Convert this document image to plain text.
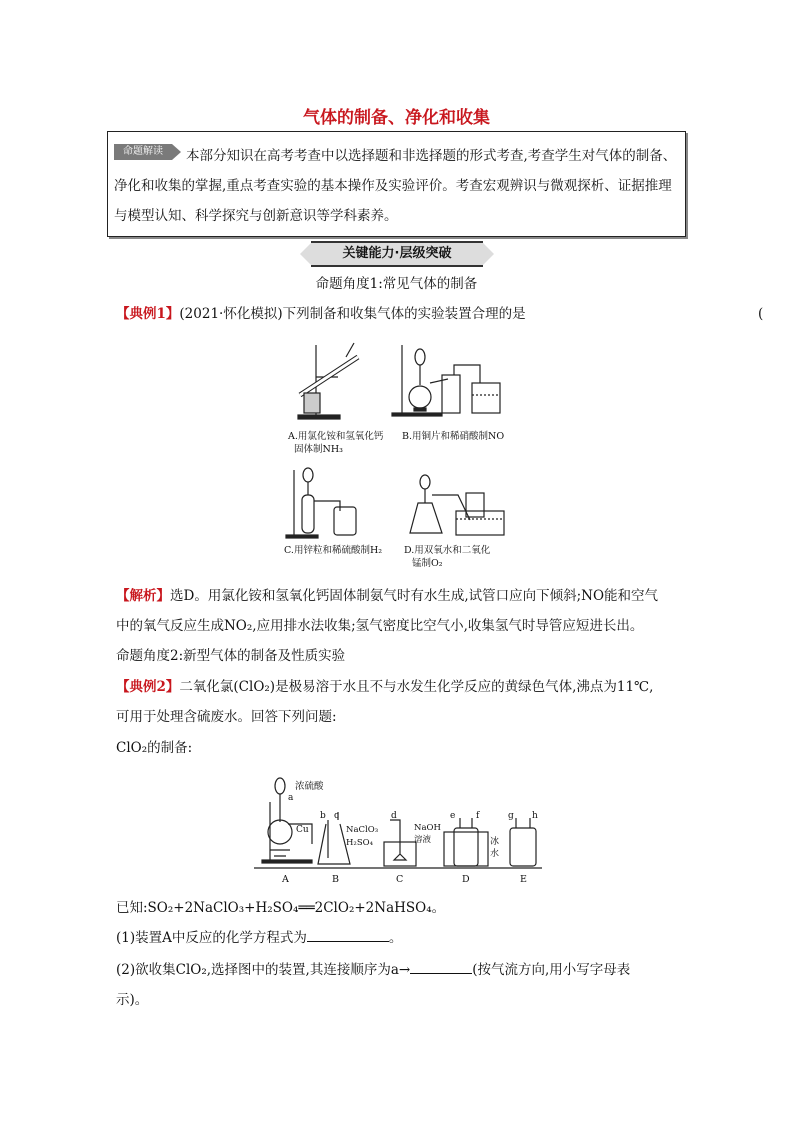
气体的制备、净化和收集
命题解读	本部分知识在高考考查中以选择题和非选择题的形式考查,考查学生对气体的制备、净化和收集的掌握,重点考查实验的基本操作及实验评价。考查宏观辨识与微观探析、证据推理与模型认知、科学探究与创新意识等学科素养。
关键能力·层级突破
命题角度1:常见气体的制备
【典例1】(2021·怀化模拟)下列制备和收集气体的实验装置合理的是	(
A.用氯化铵和氢氧化钙
固体制NH₃
B.用铜片和稀硝酸制NO
C.用锌粒和稀硫酸制H₂ D.用双氧水和二氧化
锰制O₂
【解析】选D。用氯化铵和氢氧化钙固体制氨气时有水生成,试管口应向下倾斜;NO能和空气
中的氧气反应生成NO₂,应用排水法收集;氢气密度比空气小,收集氢气时导管应短进长出。
命题角度2:新型气体的制备及性质实验
【典例2】二氧化氯(ClO₂)是极易溶于水且不与水发生化学反应的黄绿色气体,沸点为11℃,
可用于处理含硫废水。回答下列问题:
ClO₂的制备:
浓硫酸
a
Cu
b c
NaClO₃
H₂SO₄
d
NaOH
溶液
e f
冰
水
g h
A	B	C	D	E
已知:SO₂+2NaClO₃+H₂SO₄══2ClO₂+2NaHSO₄。
(1)装置A中反应的化学方程式为	。
(2)欲收集ClO₂,选择图中的装置,其连接顺序为a→	(按气流方向,用小写字母表
示)。
